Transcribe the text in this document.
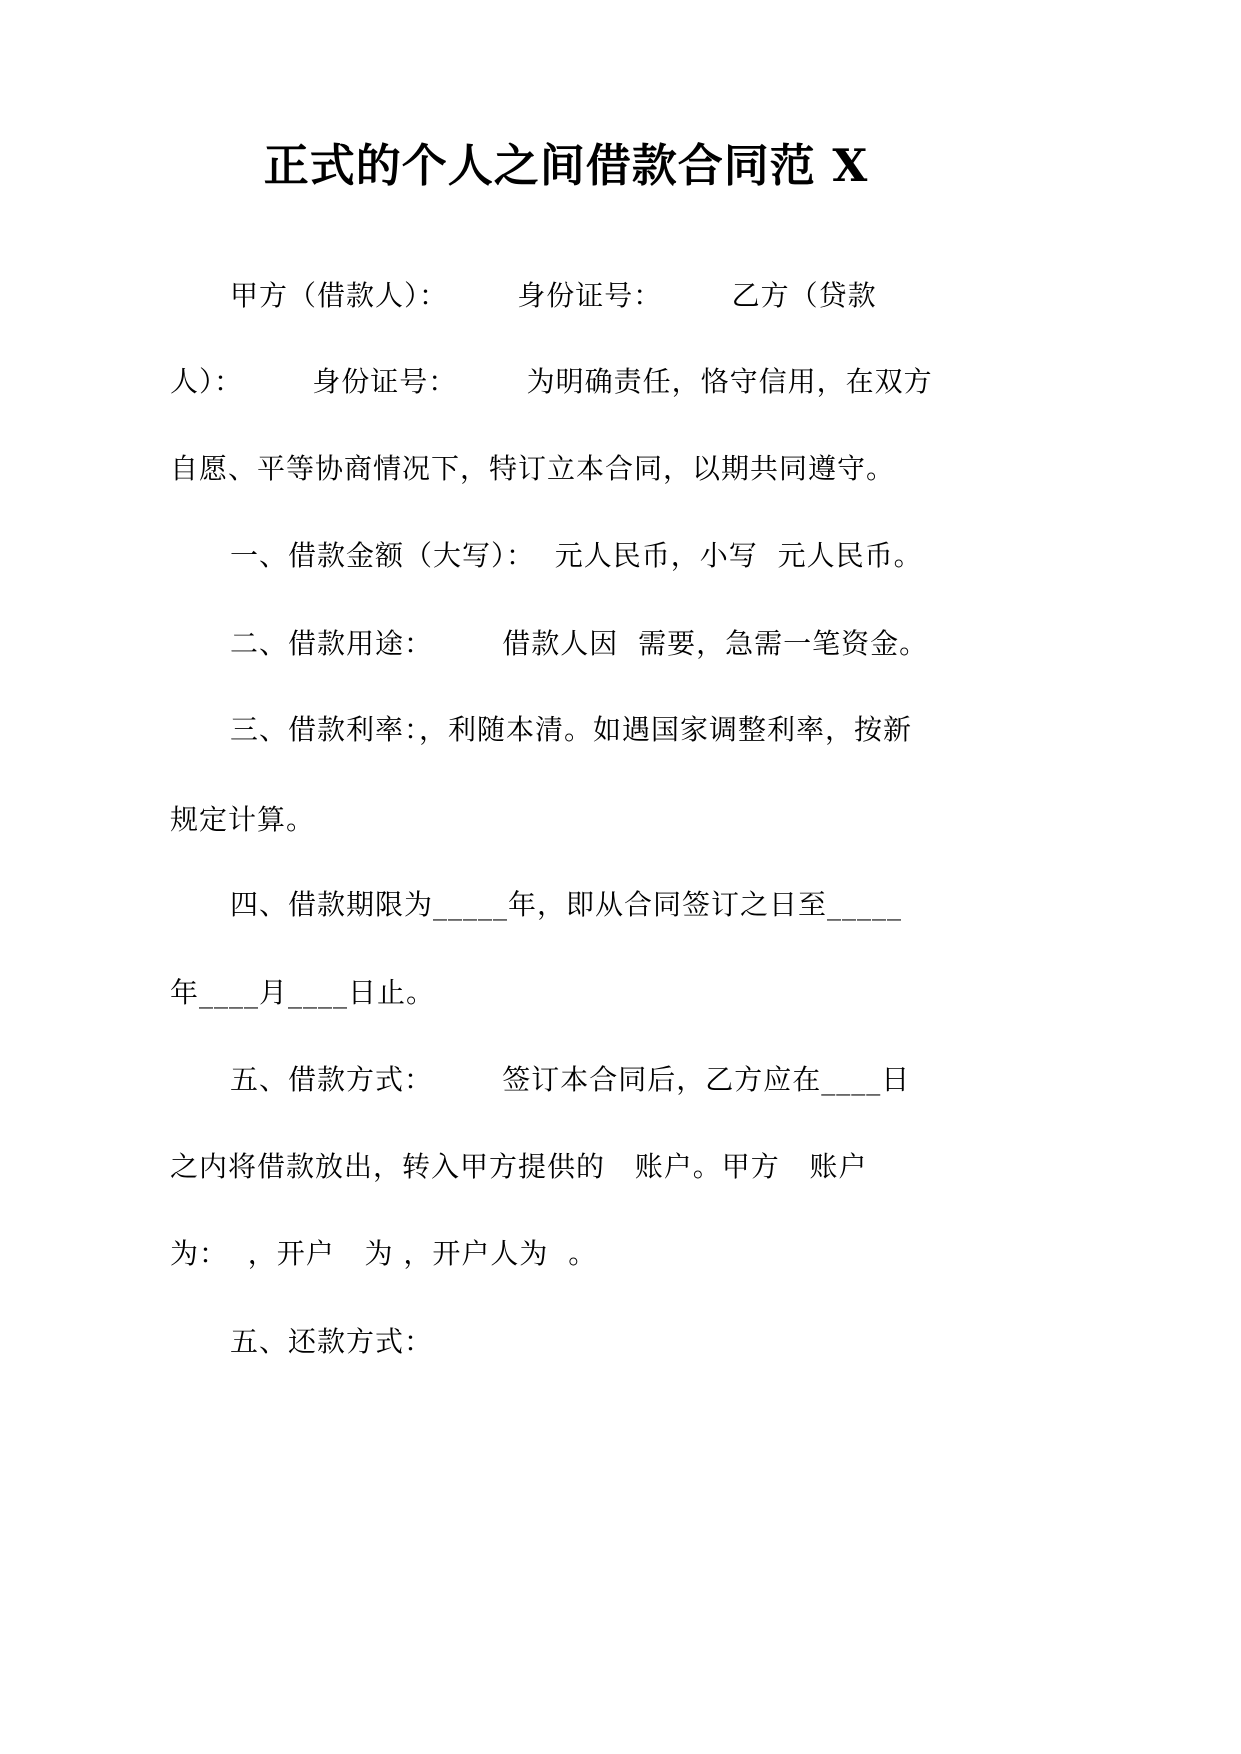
正式的个人之间借款合同范 X
甲方（借款人）：       身份证号：       乙方（贷款
人）：       身份证号：       为明确责任，恪守信用，在双方
自愿、平等协商情况下，特订立本合同，以期共同遵守。
一、借款金额（大写）：  元人民币，小写  元人民币。
二、借款用途：       借款人因  需要，急需一笔资金。
三、借款利率：，利随本清。如遇国家调整利率，按新
规定计算。
四、借款期限为_____年，即从合同签订之日至_____
年____月____日止。
五、借款方式：       签订本合同后，乙方应在____日
之内将借款放出，转入甲方提供的   账户。甲方   账户
为：  ，开户   为 ，开户人为  。
五、还款方式：
